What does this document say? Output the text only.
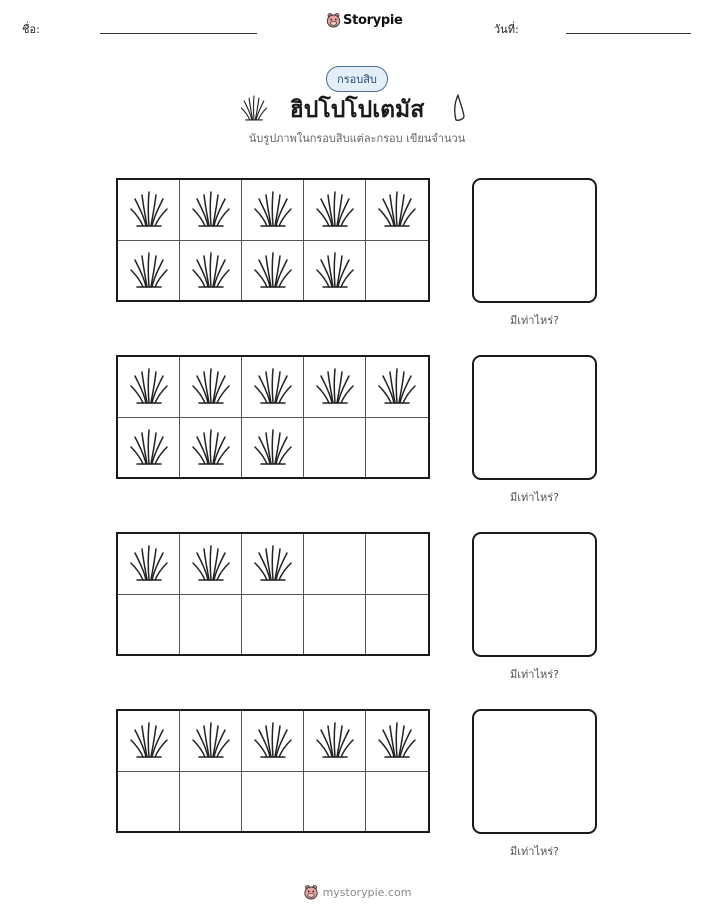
ชื่อ:
Storypie
วันที่:
กรอบสิบ
ฮิปโปโปเตมัส
นับรูปภาพในกรอบสิบแต่ละกรอบ เขียนจำนวน
มีเท่าไหร่?
มีเท่าไหร่?
มีเท่าไหร่?
มีเท่าไหร่?
mystorypie.com
